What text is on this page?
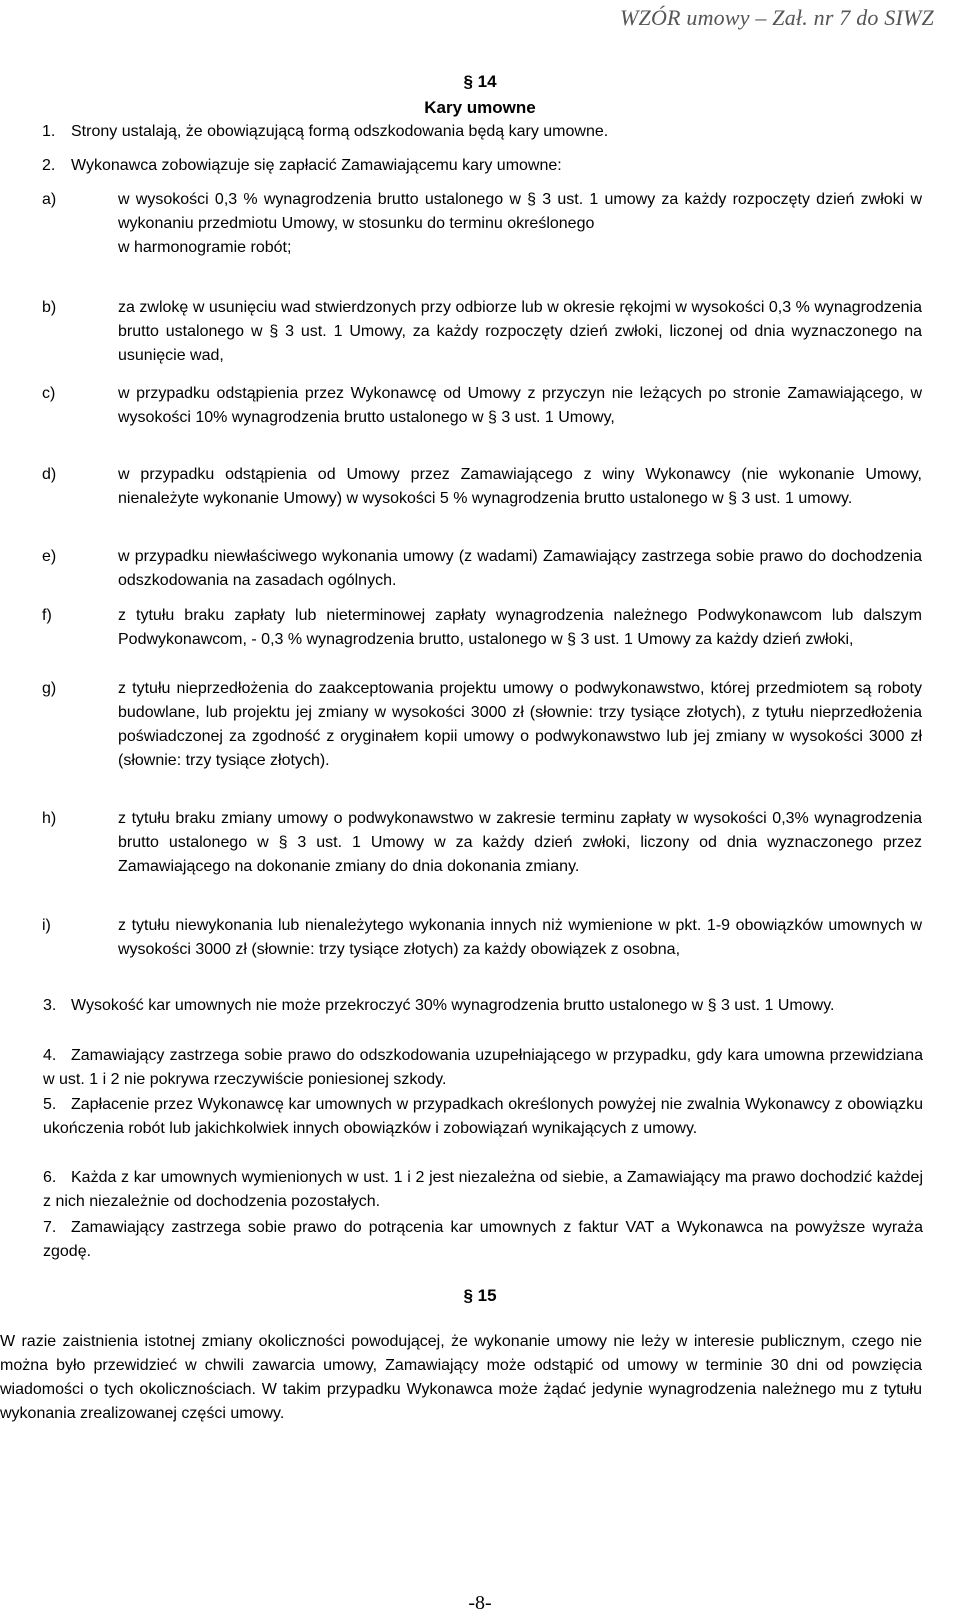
WZÓR umowy – Zał. nr 7 do SIWZ
§ 14
Kary umowne
1. Strony ustalają, że obowiązującą formą odszkodowania będą kary umowne.
2. Wykonawca zobowiązuje się zapłacić Zamawiającemu kary umowne:
a)	w wysokości 0,3 % wynagrodzenia brutto ustalonego w § 3 ust. 1 umowy za każdy rozpoczęty dzień zwłoki w wykonaniu przedmiotu Umowy, w stosunku do terminu określonego
w harmonogramie robót;
b)	za zwlokę w usunięciu wad stwierdzonych przy odbiorze lub w okresie rękojmi w wysokości 0,3 % wynagrodzenia brutto ustalonego w § 3 ust. 1 Umowy, za każdy rozpoczęty dzień zwłoki, liczonej od dnia wyznaczonego na usunięcie wad,
c)	w przypadku odstąpienia przez Wykonawcę od Umowy z przyczyn nie leżących po stronie Zamawiającego, w wysokości 10% wynagrodzenia brutto ustalonego w § 3 ust. 1 Umowy,
d)	w przypadku odstąpienia od Umowy przez Zamawiającego z winy Wykonawcy (nie wykonanie Umowy, nienależyte wykonanie Umowy) w wysokości 5 % wynagrodzenia brutto ustalonego w § 3 ust. 1 umowy.
e)	w przypadku niewłaściwego wykonania umowy (z wadami) Zamawiający zastrzega sobie prawo do dochodzenia odszkodowania na zasadach ogólnych.
f)	z tytułu braku zapłaty lub nieterminowej zapłaty wynagrodzenia należnego Podwykonawcom lub dalszym Podwykonawcom, - 0,3 % wynagrodzenia brutto, ustalonego w § 3 ust. 1 Umowy za każdy dzień zwłoki,
g)	z tytułu nieprzedłożenia do zaakceptowania projektu umowy o podwykonawstwo, której przedmiotem są roboty budowlane, lub projektu jej zmiany w wysokości 3000 zł (słownie: trzy tysiące złotych), z tytułu nieprzedłożenia poświadczonej za zgodność z oryginałem kopii umowy o podwykonawstwo lub jej zmiany w wysokości 3000 zł (słownie: trzy tysiące złotych).
h)	z tytułu braku zmiany umowy o podwykonawstwo w zakresie terminu zapłaty w wysokości 0,3% wynagrodzenia brutto ustalonego w § 3 ust. 1 Umowy w za każdy dzień zwłoki, liczony od dnia wyznaczonego przez Zamawiającego na dokonanie zmiany do dnia dokonania zmiany.
i)	z tytułu niewykonania lub nienależytego wykonania innych niż wymienione w pkt. 1-9 obowiązków umownych w wysokości 3000 zł (słownie: trzy tysiące złotych) za każdy obowiązek z osobna,
3. Wysokość kar umownych nie może przekroczyć 30% wynagrodzenia brutto ustalonego w § 3 ust. 1 Umowy.
4. Zamawiający zastrzega sobie prawo do odszkodowania uzupełniającego w przypadku, gdy kara umowna przewidziana w ust. 1 i 2 nie pokrywa rzeczywiście poniesionej szkody.
5. Zapłacenie przez Wykonawcę kar umownych w przypadkach określonych powyżej nie zwalnia Wykonawcy z obowiązku ukończenia robót lub jakichkolwiek innych obowiązków i zobowiązań wynikających z umowy.
6. Każda z kar umownych wymienionych w ust. 1 i 2 jest niezależna od siebie, a Zamawiający ma prawo dochodzić każdej z nich niezależnie od dochodzenia pozostałych.
7. Zamawiający zastrzega sobie prawo do potrącenia kar umownych z faktur VAT a Wykonawca na powyższe wyraża zgodę.
§ 15
W razie zaistnienia istotnej zmiany okoliczności powodującej, że wykonanie umowy nie leży w interesie publicznym, czego nie można było przewidzieć w chwili zawarcia umowy, Zamawiający może odstąpić od umowy w terminie 30 dni od powzięcia wiadomości o tych okolicznościach. W takim przypadku Wykonawca może żądać jedynie wynagrodzenia należnego mu z tytułu wykonania zrealizowanej części umowy.
-8-
